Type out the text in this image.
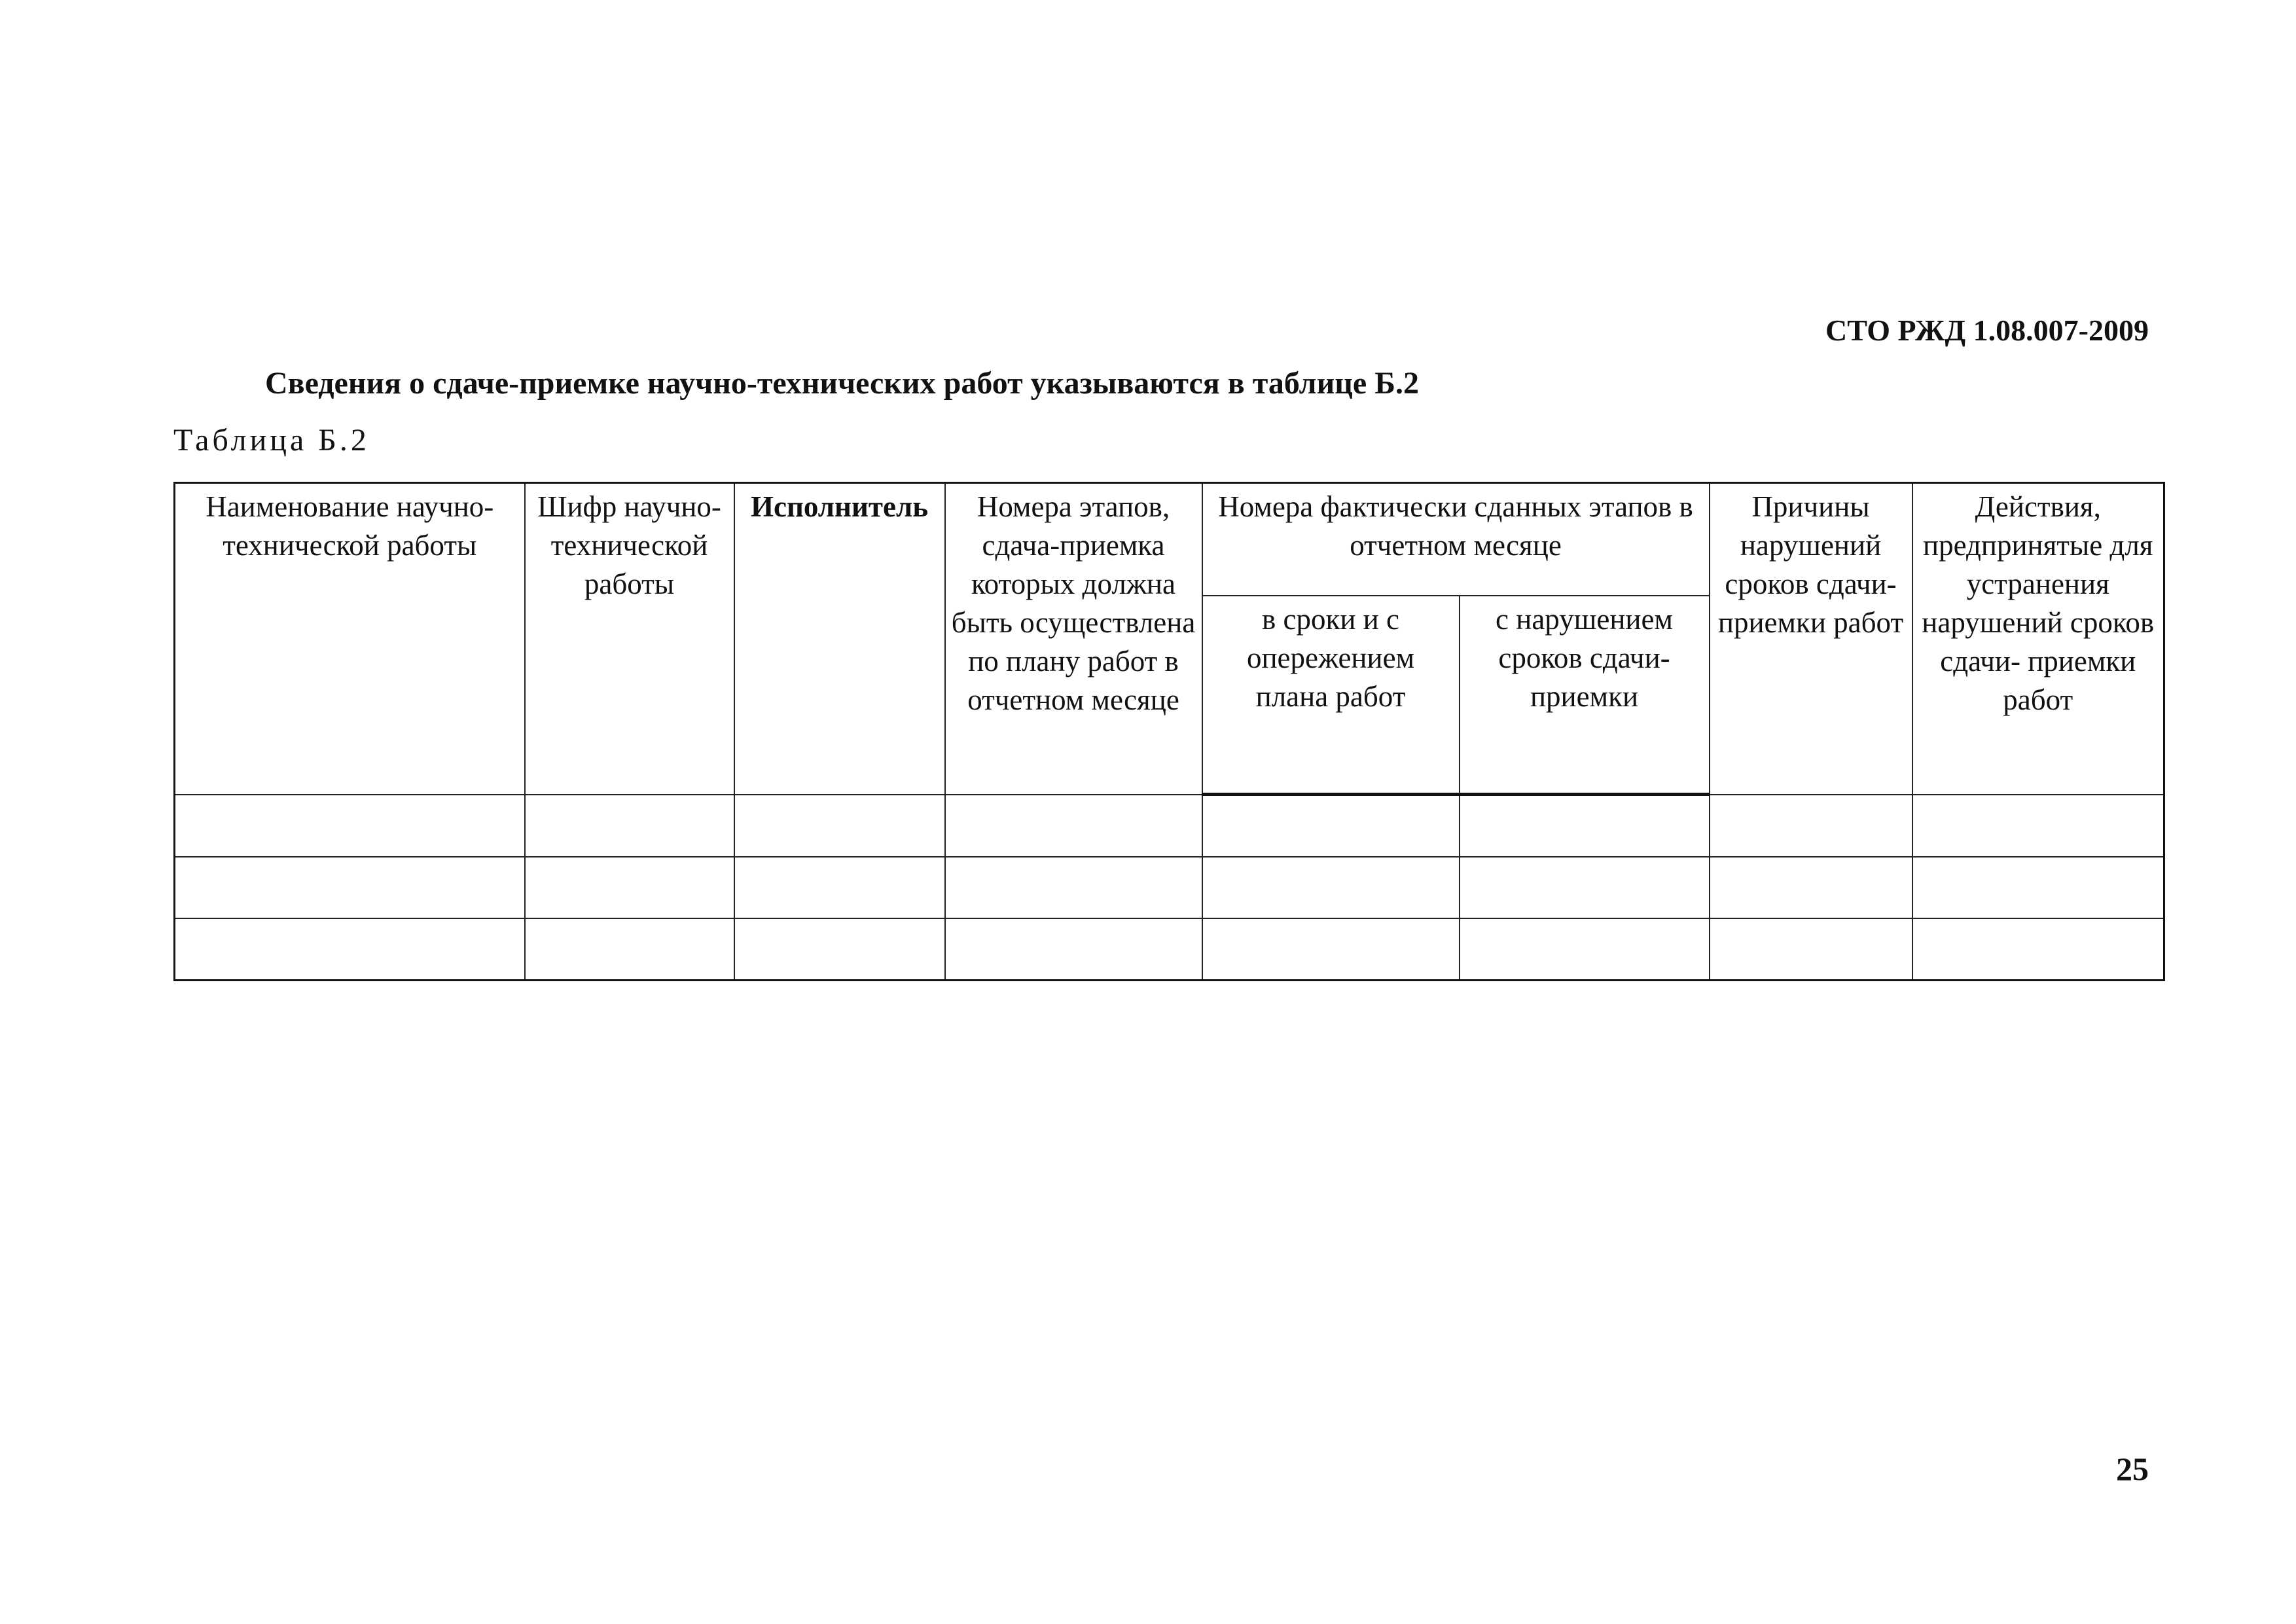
СТО РЖД 1.08.007-2009
Сведения о сдаче-приемке научно-технических работ указываются в таблице Б.2
Таблица Б.2
Наименование научно- технической работы	Шифр научно- технической работы	Исполнитель	Номера этапов, сдача-приемка которых должна быть осуществлена по плану работ в отчетном месяце	Номера фактически сданных этапов в отчетном месяце		Причины нарушений сроков сдачи- приемки работ	Действия, предпринятые для устранения нарушений сроков сдачи- приемки работ
				в сроки и с опережением плана работ	с нарушением сроков сдачи- приемки		

25
